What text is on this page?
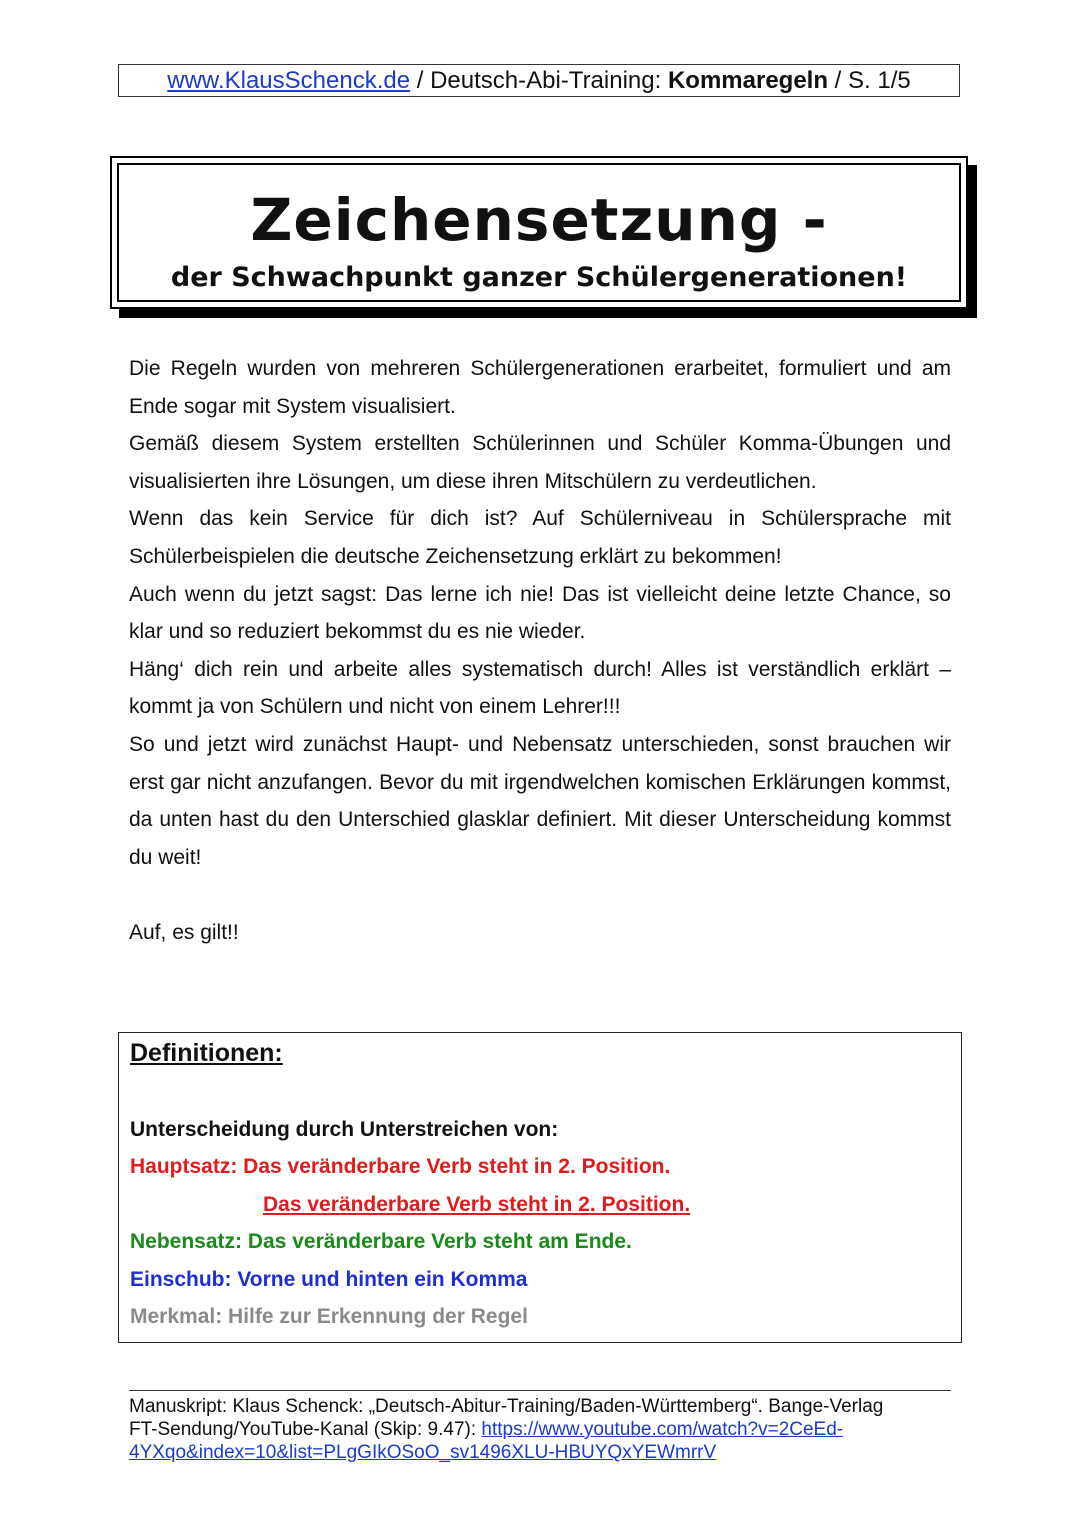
www.KlausSchenck.de / Deutsch-Abi-Training: Kommaregeln / S. 1/5
Zeichensetzung -
der Schwachpunkt ganzer Schülergenerationen!

Die Regeln wurden von mehreren Schülergenerationen erarbeitet, formuliert und am Ende sogar mit System visualisiert.

Gemäß diesem System erstellten Schülerinnen und Schüler Komma-Übungen und visualisierten ihre Lösungen, um diese ihren Mitschülern zu verdeutlichen.

Wenn das kein Service für dich ist? Auf Schülerniveau in Schülersprache mit Schülerbeispielen die deutsche Zeichensetzung erklärt zu bekommen!

Auch wenn du jetzt sagst: Das lerne ich nie! Das ist vielleicht deine letzte Chance, so klar und so reduziert bekommst du es nie wieder.

Häng‘ dich rein und arbeite alles systematisch durch! Alles ist verständlich erklärt – kommt ja von Schülern und nicht von einem Lehrer!!!

So und jetzt wird zunächst Haupt- und Nebensatz unterschieden, sonst brauchen wir erst gar nicht anzufangen. Bevor du mit irgendwelchen komischen Erklärungen kommst, da unten hast du den Unterschied glasklar definiert. Mit dieser Unterscheidung kommst du weit!

Auf, es gilt!!

Definitionen:
Unterscheidung durch Unterstreichen von:
Hauptsatz: Das veränderbare Verb steht in 2. Position.
Das veränderbare Verb steht in 2. Position.
Nebensatz: Das veränderbare Verb steht am Ende.
Einschub: Vorne und hinten ein Komma
Merkmal: Hilfe zur Erkennung der Regel
Manuskript: Klaus Schenck: „Deutsch-Abitur-Training/Baden-Württemberg“. Bange-Verlag
FT-Sendung/YouTube-Kanal (Skip: 9.47): https://www.youtube.com/watch?v=2CeEd-
4YXqo&index=10&list=PLgGIkOSoO_sv1496XLU-HBUYQxYEWmrrV
